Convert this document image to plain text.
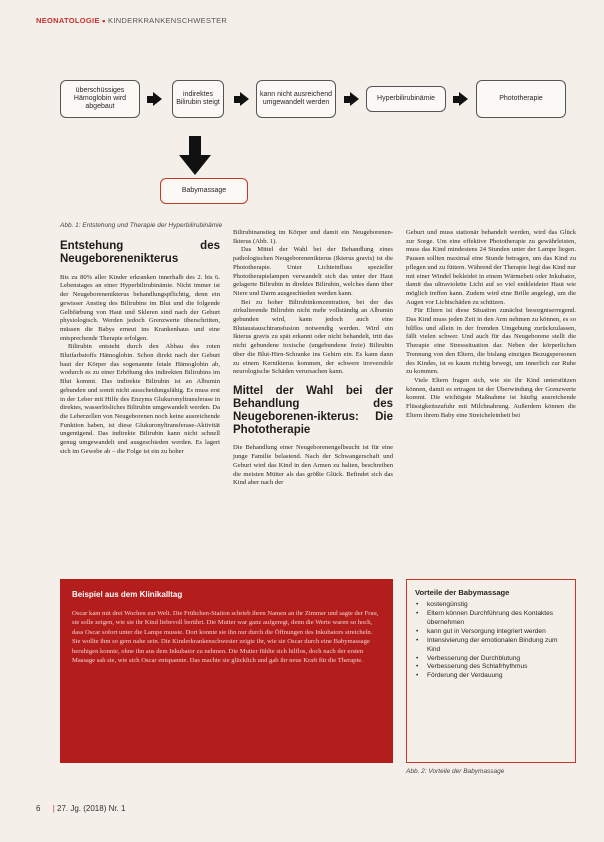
NEONATOLOGIE ▪ KINDERKRANKENSCHWESTER
überschüssiges Hämoglobin wird abgebaut
indirektes Bilirubin steigt
kann nicht ausreichend umgewandelt werden
Hyperbilirubinämie	Phototherapie
Babymassage
Abb. 1: Entstehung und Therapie der Hyperbilirubinämie
Entstehung des Neugeborenenikterus

Bis zu 80% aller Kinder erkranken innerhalb des 2. bis 6. Lebenstages an einer Hyperbilirubinämie. Nicht immer ist der Neugeborenenikterus behandlungspflichtig, denn ein gewisser Anstieg des Bilirubins im Blut und die folgende Gelbfärbung von Haut und Skleren sind nach der Geburt physiologisch. Werden jedoch Grenzwerte überschritten, müssen die Babys erneut ins Krankenhaus und eine entsprechende Therapie erfolgen.

Bilirubin entsteht durch den Abbau des roten Blutfarbstoffs Hämoglobin. Schon direkt nach der Geburt baut der Körper das sogenannte fetale Hämoglobin ab, wodurch es zu einer Erhöhung des indirekten Bilirubins im Blut kommt. Das indirekte Bilirubin ist an Albumin gebunden und somit nicht ausscheidungsfähig. Es muss erst in der Leber mit Hilfe des Enzyms Glukuronyltransferase in direktes, wasserlösliches Bilirubin umgewandelt werden. Da die Leberzellen von Neugeborenen noch keine ausreichende Funktion haben, ist diese Glukuronyltransferase-Aktivität ungenügend. Das indirekte Bilirubin kann nicht schnell genug umgewandelt und ausgeschieden werden. Es lagert sich im Gewebe ab – die Folge ist ein zu hoher

Bilirubinanstieg im Körper und damit ein Neugeborenen-Ikterus (Abb. 1).

Das Mittel der Wahl bei der Behandlung eines pathologischen Neugeborenenikterus (Ikterus gravis) ist die Phototherapie. Unter Lichteinfluss spezieller Phototherapielampen verwandelt sich das unter der Haut gelagerte Bilirubin in direktes Bilirubin, welches dann über Niere und Darm ausgeschieden werden kann.

Bei zu hoher Bilirubinkonzentration, bei der das zirkulierende Bilirubin nicht mehr vollständig an Albumin gebunden wird, kann jedoch auch eine Blutaustauschtransfusion notwendig werden. Wird ein Ikterus gravis zu spät erkannt oder nicht behandelt, tritt das nicht gebundene toxische (ungebundene freie) Bilirubin über die Blut-Hirn-Schranke ins Gehirn ein. Es kann dann zu einem Kernikterus kommen, der schwere irreversible neurologische Schäden verursachen kann.

Mittel der Wahl bei der Behandlung des Neugeborenen-ikterus: Die Phototherapie

Die Behandlung einer Neugeborenengelbsucht ist für eine junge Familie belastend. Nach der Schwangerschaft und Geburt wird das Kind in den Armen zu halten, beschreiben die meisten Mütter als das größte Glück. Befindet sich das Kind aber nach der

Geburt und muss stationär behandelt werden, wird das Glück zur Sorge. Um eine effektive Phototherapie zu gewährleisten, muss das Kind mindestens 24 Stunden unter der Lampe liegen. Pausen sollten maximal eine Stunde betragen, um das Kind zu pflegen und zu füttern. Während der Therapie liegt das Kind nur mit einer Windel bekleidet in einem Wärmebett oder Inkubator, damit das ultraviolette Licht auf so viel entkleideter Haut wie möglich treffen kann. Zudem wird eine Brille angelegt, um die Augen vor Lichtschäden zu schützen.

Für Eltern ist diese Situation zunächst besorgniserregend. Das Kind muss jeden Zeit in den Arm nehmen zu können, es so hilflos und allein in der fremden Umgebung zurückzulassen, fällt vielen schwer. Und auch für das Neugeborene stellt die Therapie eine Stresssituation dar. Neben der körperlichen Trennung von den Eltern, die bislang einzigen Bezugspersonen des Kindes, ist es kaum richtig bewegt, um innerlich zur Ruhe zu kommen.

Viele Eltern fragen sich, wie sie ihr Kind unterstützen können, damit es ertragen ist der Überwindung der Grenzwerte kommt. Die wichtigste Maßnahme ist häufig ausreichende Flüssigkeitszufuhr mit Milchnahrung. Außerdem können die Eltern ihrem Baby eine Streicheleinheit bei

Beispiel aus dem Klinikalltag
Oscar kam mit drei Wochen zur Welt. Die Frühchen-Station schrieb ihren Namen an ihr Zimmer und sagte der Frau, sie solle zeigen, wie sie ihr Kind liebevoll berührt. Die Mutter war ganz aufgeregt, denn die Werte waren so hoch, dass Oscar sofort unter die Lampe musste. Dort konnte sie ihn nur durch die Öffnungen des Inkubators streicheln. Sie wollte ihm so gern nahe sein. Die Kinderkrankenschwester zeigte ihr, wie sie Oscar durch eine Babymassage beruhigen konnte, ohne ihn aus dem Inkubator zu nehmen. Die Mutter fühlte sich hilflos, doch nach der ersten Massage sah sie, wie sich Oscar entspannte. Das machte sie glücklich und gab ihr neue Kraft für die Therapie.
Vorteile der Babymassage
• kostengünstig
• Eltern können Durchführung des Kontaktes übernehmen
• kann gut in Versorgung integriert werden
• Intensivierung der emotionalen Bindung zum Kind
• Verbesserung der Durchblutung
• Verbesserung des Schlafrhythmus
• Förderung der Verdauung
Abb. 2: Vorteile der Babymassage
6 | 27. Jg. (2018) Nr. 1
